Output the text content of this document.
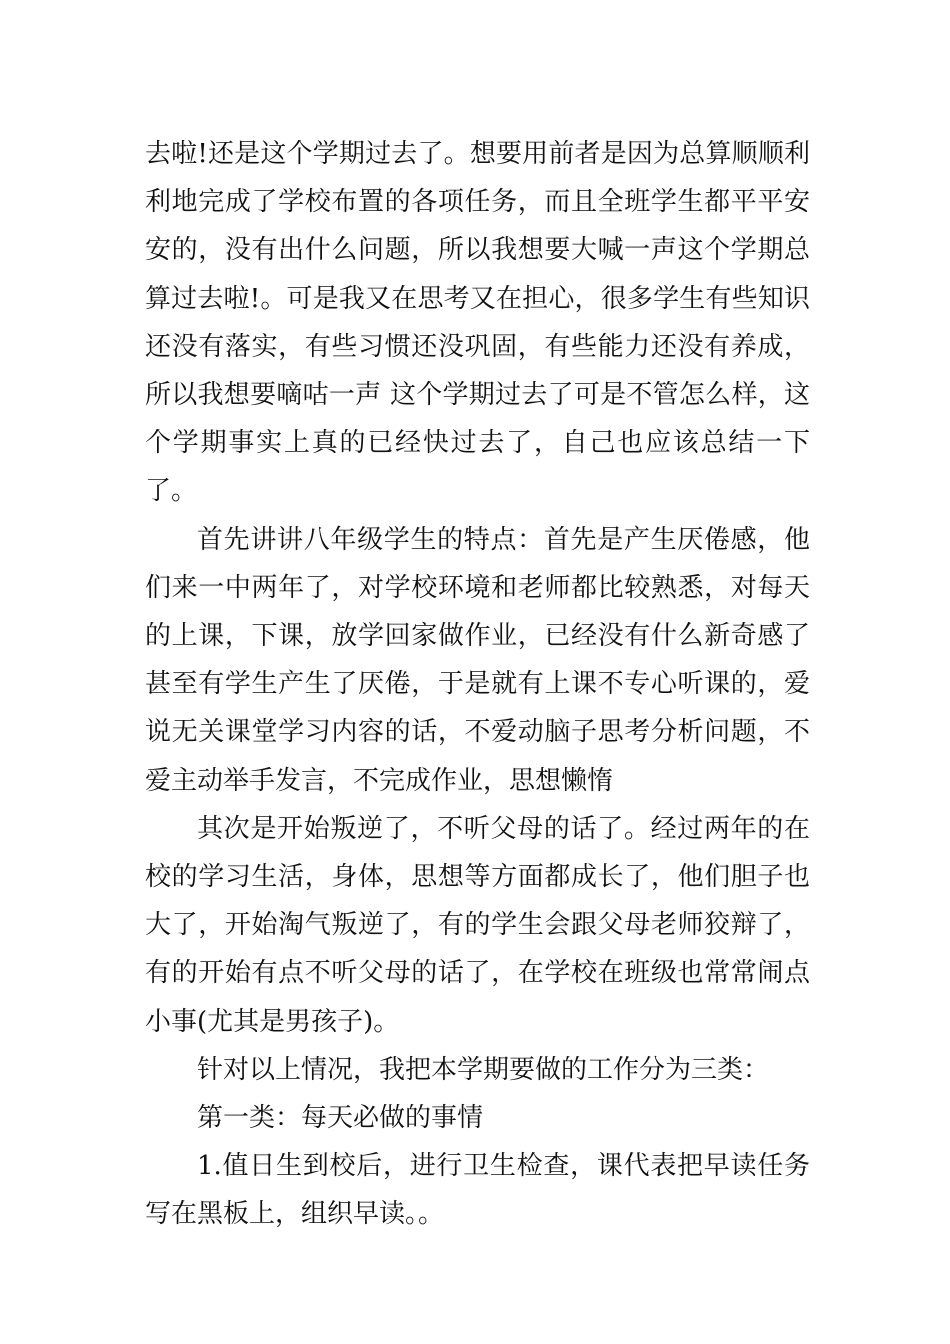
去啦!还是这个学期过去了。想要用前者是因为总算顺顺利利地完成了学校布置的各项任务，而且全班学生都平平安安的，没有出什么问题，所以我想要大喊一声这个学期总算过去啦!。可是我又在思考又在担心，很多学生有些知识还没有落实，有些习惯还没巩固，有些能力还没有养成，所以我想要嘀咕一声 这个学期过去了可是不管怎么样，这个学期事实上真的已经快过去了，自己也应该总结一下了。

首先讲讲八年级学生的特点：首先是产生厌倦感，他们来一中两年了，对学校环境和老师都比较熟悉，对每天的上课，下课，放学回家做作业，已经没有什么新奇感了甚至有学生产生了厌倦，于是就有上课不专心听课的，爱说无关课堂学习内容的话，不爱动脑子思考分析问题，不爱主动举手发言，不完成作业，思想懒惰

其次是开始叛逆了，不听父母的话了。经过两年的在校的学习生活，身体，思想等方面都成长了，他们胆子也大了，开始淘气叛逆了，有的学生会跟父母老师狡辩了，有的开始有点不听父母的话了，在学校在班级也常常闹点小事(尤其是男孩子)。

针对以上情况，我把本学期要做的工作分为三类：

第一类：每天必做的事情

1.值日生到校后，进行卫生检查，课代表把早读任务写在黑板上，组织早读。。
